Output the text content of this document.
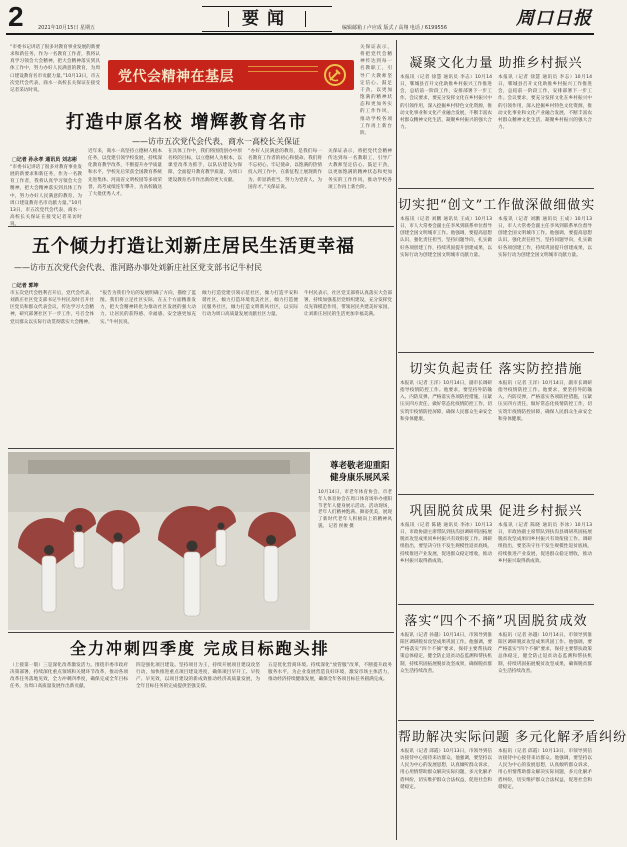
2	2021年10月15日 星期五	要闻	编辑邮箱 / 卢应成 版式 / 高翔 电话 / 6199556	周口日报
党代会精神在基层
打造中原名校 增辉教育名市
——访市五次党代会代表、商水一高校长关保证
□记者 孙永孝 通讯员 刘志彬
“市委书记讲话了很多对教育事业发展的新要求和新任务，作为一名教育工作者，我将认真学习领会大会精神，把大会精神落实到具体工作中，努力办好人民满意的教育，为周口建设教育名市贡献力量。”10月13日，市五次党代会代表、商水一高校长关保证在接受记者采访时说。
近年来，商水一高坚持立德树人根本任务，以党建引领学校发展，持续深化教育教学改革，不断提升办学质量和水平，学校先后荣获全国教育系统先进集体、河南省文明校园等多项荣誉，高考成绩连年攀升，为高校输送了大批优秀人才。
在具体工作中，我们将围绕创办中原名校的目标，以立德树人为根本，以课堂改革为抓手，以队伍建设为保障，全面提升教育教学质量，为周口建设教育名市作出新的更大贡献。
“办好人民满意的教育，是我们每一名教育工作者的初心和使命。我们将不忘初心、牢记使命，以饱满的热情投入到工作中，在新征程上展现新作为、彰显新担当，努力为党育人、为国育才。”关保证说。
关保证表示，将把党代会精神传达到每一名教职工，引导广大教师坚定信心、鼓足干劲，以更加饱满的精神状态和更加务实的工作作风，推动学校各项工作再上新台阶。
“市委书记讲话了很多对教育事业发展的新要求和新任务，作为一名教育工作者，我将认真学习领会大会精神，把大会精神落实到具体工作中，努力办好人民满意的教育，为周口建设教育名市贡献力量。”10月13日，市五次党代会代表、商水一高校长关保证在接受记者采访时说。
关保证表示，将把党代会精神传达到每一名教职工，引导广大教师坚定信心、鼓足干劲，以更加饱满的精神状态和更加务实的工作作风，推动学校各项工作再上新台阶。
五个倾力打造让刘新庄居民生活更幸福
——访市五次党代会代表、淮河路办事处刘新庄社区党支部书记牛村民
□记者 郭坤
市五次党代会胜利召开后，党代会代表、刘新庄社区党支部书记牛村民及时召开社区党员和群众代表会议，传达学习大会精神，研究部署社区下一步工作，号召全体党员群众以实际行动贯彻落实大会精神。
“报告为我们今后的发展明确了方向，描绘了蓝图。我们将立足社区实际，在五个方面精准发力，把大会精神转化为推动社区发展的强大动力，让居民的获得感、幸福感、安全感更加充实。”牛村民说。
倾力打造党建引领示范社区，倾力打造平安和谐社区，倾力打造环境优美社区，倾力打造便民服务社区，倾力打造文明新风社区，以实际行动为周口高质量发展贡献社区力量。
牛村民表示，社区党支部将认真落实大会部署，持续加强基层党组织建设，充分发挥党员先锋模范作用，带领居民共建美好家园，让刘新庄居民的生活更加幸福美满。
尊老敬老迎重阳
健身康乐展风采
10月14日，市老年体育协会、市老年人体育协会在周口体育场举办重阳节老年人健身展示活动。活动现场，老年人们精神饱满、舞姿优美，展现了新时代老年人积极向上的精神风貌。 记者 侯俊 摄
全力冲刺四季度 完成目标跑头排
（上接第一版）三是深化改革激发活力。围绕市委市政府决策部署，持续深化重点领域和关键环节改革，推动各项改革任务落地见效，全力冲刺四季度，确保完成全年目标任务，为周口高质量发展作出新贡献。
四是强化项目建设。坚持项目为王，持续开展项目建设攻坚行动，加快推进重点项目建设进度，确保项目早开工、早投产、早见效，以项目建设的新成效推动经济高质量发展，为全年目标任务的完成提供坚强支撑。
五是优化营商环境。持续深化“放管服”改革，不断提升政务服务水平，为企业发展营造良好环境，激发市场主体活力，推动经济持续健康发展，确保全年各项目标任务圆满完成。
凝聚文化力量 助推乡村振兴
本报讯（记者 徐慧 通讯员 李志）10月14日，郸城县召开文化助推乡村振兴工作推进会，总结前一阶段工作，安排部署下一步工作。会议要求，要充分发挥文化在乡村振兴中的引领作用，深入挖掘乡村特色文化资源，推动文化事业和文化产业融合发展，不断丰富农村群众精神文化生活，凝聚乡村振兴的强大合力。
本报讯（记者 徐慧 通讯员 李志）10月14日，郸城县召开文化助推乡村振兴工作推进会，总结前一阶段工作，安排部署下一步工作。会议要求，要充分发挥文化在乡村振兴中的引领作用，深入挖掘乡村特色文化资源，推动文化事业和文化产业融合发展，不断丰富农村群众精神文化生活，凝聚乡村振兴的强大合力。
切实把“创文”工作做深做细做实
本报讯（记者 刘鹏 通讯员 王成）10月13日，市人大常委会副主任李凤到联系单位督导创建全国文明城市工作。他强调，要提高思想认识，强化责任担当，坚持问题导向，扎实做好各项创建工作，持续巩固提升创建成果，以实际行动为创建全国文明城市贡献力量。
本报讯（记者 刘鹏 通讯员 王成）10月13日，市人大常委会副主任李凤到联系单位督导创建全国文明城市工作。他强调，要提高思想认识，强化责任担当，坚持问题导向，扎实做好各项创建工作，持续巩固提升创建成果，以实际行动为创建全国文明城市贡献力量。
切实负起责任 落实防控措施
本报讯（记者 王洋）10月14日，副市长调研指导疫情防控工作。他要求，要坚持外防输入、内防反弹，严格落实各项防控措施，压紧压实四方责任，做好常态化疫情防控工作，切实筑牢疫情防控屏障，确保人民群众生命安全和身体健康。
本报讯（记者 王洋）10月14日，副市长调研指导疫情防控工作。他要求，要坚持外防输入、内防反弹，严格落实各项防控措施，压紧压实四方责任，做好常态化疫情防控工作，切实筑牢疫情防控屏障，确保人民群众生命安全和身体健康。
巩固脱贫成果 促进乡村振兴
本报讯（记者 陈晓 通讯员 李冰）10月13日，市政协副主席带队到扶沟县调研巩固拓展脱贫攻坚成果同乡村振兴有效衔接工作。调研组指出，要坚决守住不发生规模性返贫底线，持续推进产业发展，促进群众稳定增收，推动乡村振兴取得新成效。
本报讯（记者 陈晓 通讯员 李冰）10月13日，市政协副主席带队到扶沟县调研巩固拓展脱贫攻坚成果同乡村振兴有效衔接工作。调研组指出，要坚决守住不发生规模性返贫底线，持续推进产业发展，促进群众稳定增收，推动乡村振兴取得新成效。
落实“四个不摘”巩固脱贫成效
本报讯（记者 孙越）10月14日，市领导到淮阳区调研脱贫攻坚成果巩固工作。他强调，要严格落实“四个不摘”要求，保持主要帮扶政策总体稳定，健全防止返贫动态监测和帮扶机制，持续巩固拓展脱贫攻坚成果，确保脱贫群众生活持续改善。
本报讯（记者 孙越）10月14日，市领导到淮阳区调研脱贫攻坚成果巩固工作。他强调，要严格落实“四个不摘”要求，保持主要帮扶政策总体稳定，健全防止返贫动态监测和帮扶机制，持续巩固拓展脱贫攻坚成果，确保脱贫群众生活持续改善。
帮助解决实际问题 多元化解矛盾纠纷
本报讯（记者 邱霞）10月13日，市领导到信访接待中心接待来访群众。他强调，要坚持以人民为中心的发展思想，认真倾听群众诉求，用心用情帮助群众解决实际问题，多元化解矛盾纠纷，切实维护群众合法权益，促进社会和谐稳定。
本报讯（记者 邱霞）10月13日，市领导到信访接待中心接待来访群众。他强调，要坚持以人民为中心的发展思想，认真倾听群众诉求，用心用情帮助群众解决实际问题，多元化解矛盾纠纷，切实维护群众合法权益，促进社会和谐稳定。
